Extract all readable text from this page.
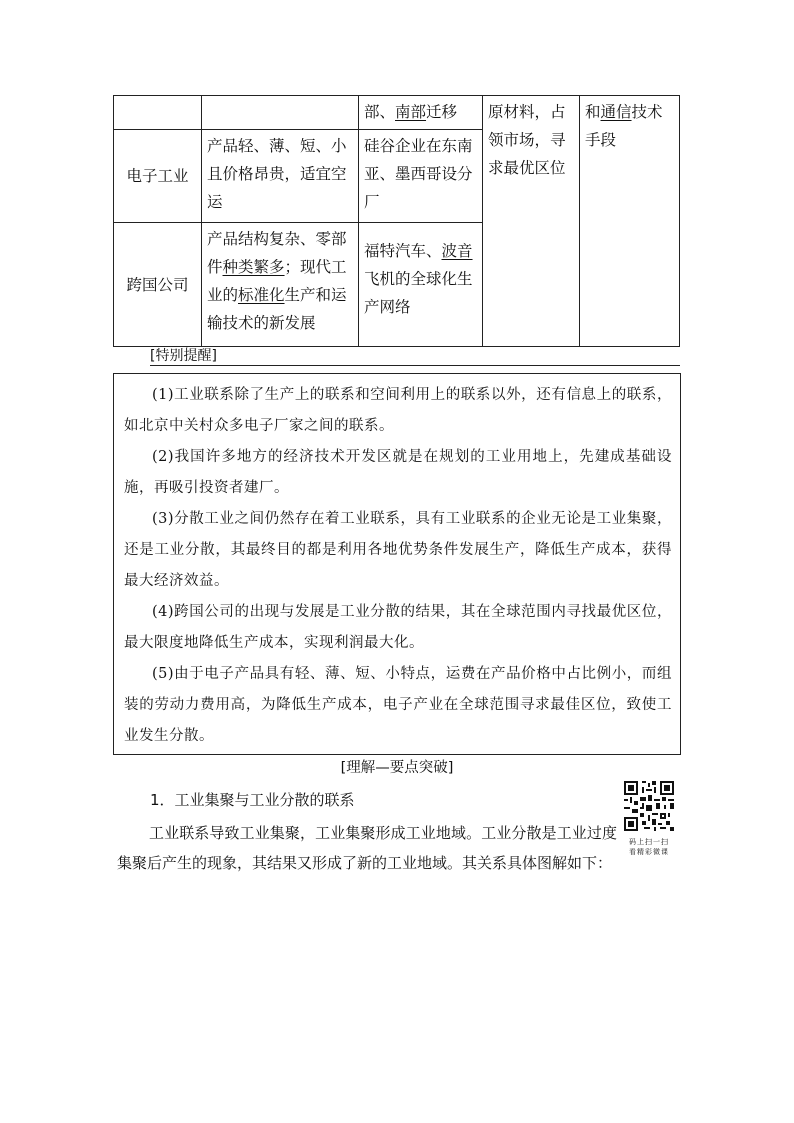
		部、南部迁移	原材料，占领市场，寻求最优区位	和通信技术手段
电子工业	产品轻、薄、短、小且价格昂贵，适宜空运	硅谷企业在东南亚、墨西哥设分厂		
跨国公司	产品结构复杂、零部件种类繁多；现代工业的标准化生产和运输技术的新发展	福特汽车、波音飞机的全球化生产网络		
[特别提醒]

(1)工业联系除了生产上的联系和空间利用上的联系以外，还有信息上的联系，如北京中关村众多电子厂家之间的联系。

(2)我国许多地方的经济技术开发区就是在规划的工业用地上，先建成基础设施，再吸引投资者建厂。

(3)分散工业之间仍然存在着工业联系，具有工业联系的企业无论是工业集聚，还是工业分散，其最终目的都是利用各地优势条件发展生产，降低生产成本，获得最大经济效益。

(4)跨国公司的出现与发展是工业分散的结果，其在全球范围内寻找最优区位，最大限度地降低生产成本，实现利润最大化。

(5)由于电子产品具有轻、薄、短、小特点，运费在产品价格中占比例小，而组装的劳动力费用高，为降低生产成本，电子产业在全球范围寻求最佳区位，致使工业发生分散。

[理解—要点突破]
1．工业集聚与工业分散的联系

工业联系导致工业集聚，工业集聚形成工业地域。工业分散是工业过度集聚后产生的现象，其结果又形成了新的工业地域。其关系具体图解如下：

码上扫一扫
看精彩微课
